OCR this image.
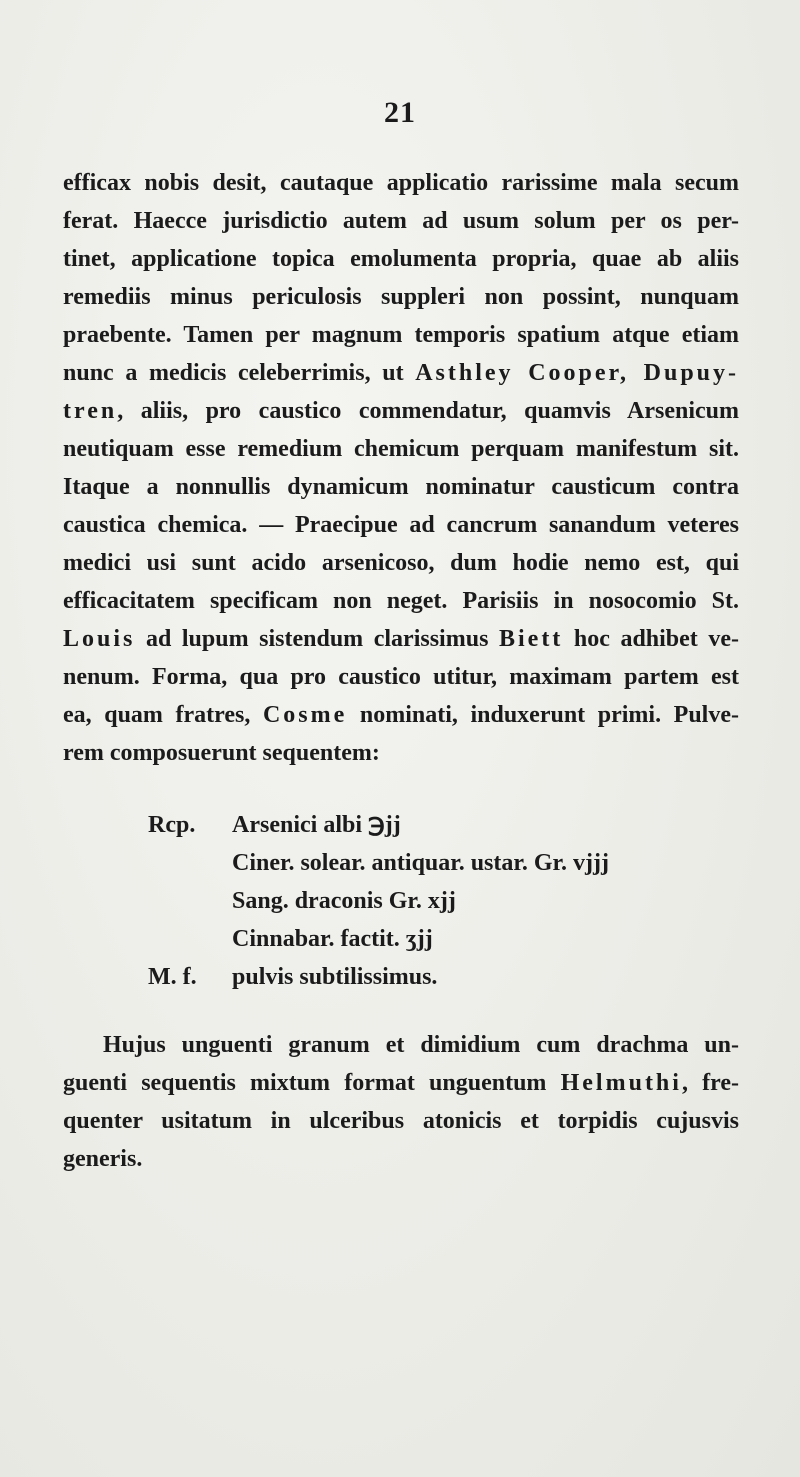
21
efficax nobis desit, cautaque applicatio rarissime mala secum
ferat. Haecce jurisdictio autem ad usum solum per os per-
tinet, applicatione topica emolumenta propria, quae ab aliis
remediis minus periculosis suppleri non possint, nunquam
praebente. Tamen per magnum temporis spatium atque etiam
nunc a medicis celeberrimis, ut Asthley Cooper, Dupuy-
tren, aliis, pro caustico commendatur, quamvis Arsenicum
neutiquam esse remedium chemicum perquam manifestum sit.
Itaque a nonnullis dynamicum nominatur causticum contra
caustica chemica. — Praecipue ad cancrum sanandum veteres
medici usi sunt acido arsenicoso, dum hodie nemo est, qui
efficacitatem specificam non neget. Parisiis in nosocomio St.
Louis ad lupum sistendum clarissimus Biett hoc adhibet ve-
nenum. Forma, qua pro caustico utitur, maximam partem est
ea, quam fratres, Cosme nominati, induxerunt primi. Pulve-
rem composuerunt sequentem:
Rcp. Arsenici albi ℈jj
Ciner. solear. antiquar. ustar. Gr. vjjj
Sang. draconis Gr. xjj
Cinnabar. factit. ʒjj
M. f. pulvis subtilissimus.
Hujus unguenti granum et dimidium cum drachma un-
guenti sequentis mixtum format unguentum Helmuthi, fre-
quenter usitatum in ulceribus atonicis et torpidis cujusvis
generis.
